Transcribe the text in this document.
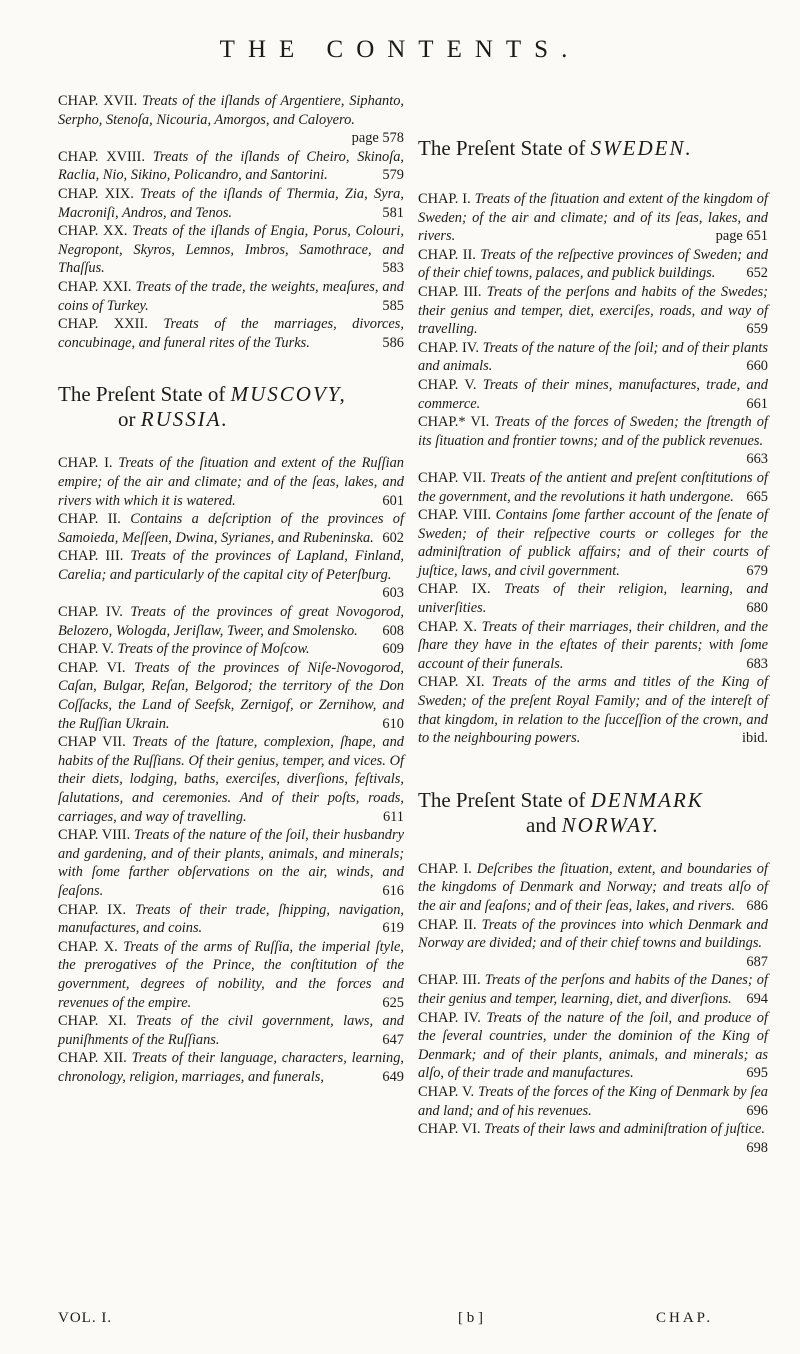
THE CONTENTS.

CHAP. XVII. Treats of the iſlands of Argentiere, Siphanto, Serpho, Stenoſa, Nicouria, Amorgos, and Caloyero.
page 578

CHAP. XVIII. Treats of the iſlands of Cheiro, Skinoſa, Raclia, Nio, Sikino, Policandro, and Santorini.	579

CHAP. XIX. Treats of the iſlands of Thermia, Zia, Syra, Macroniſi, Andros, and Tenos.	581

CHAP. XX. Treats of the iſlands of Engia, Porus, Colouri, Negropont, Skyros, Lemnos, Imbros, Samothrace, and Thaſſus.	583

CHAP. XXI. Treats of the trade, the weights, meaſures, and coins of Turkey.	585

CHAP. XXII. Treats of the marriages, divorces, concubinage, and funeral rites of the Turks.	586

The Preſent State of MUSCOVY,

or RUSSIA.

CHAP. I. Treats of the ſituation and extent of the Ruſſian empire; of the air and climate; and of the ſeas, lakes, and rivers with which it is watered.	601

CHAP. II. Contains a deſcription of the provinces of Samoieda, Meſſeen, Dwina, Syrianes, and Rubeninska. 602

CHAP. III. Treats of the provinces of Lapland, Finland, Carelia; and particularly of the capital city of Peterſburg.
603

CHAP. IV. Treats of the provinces of great Novogorod, Belozero, Wologda, Jeriſlaw, Tweer, and Smolensko. 608

CHAP. V. Treats of the province of Moſcow.	609

CHAP. VI. Treats of the provinces of Niſe-Novogorod, Caſan, Bulgar, Reſan, Belgorod; the territory of the Don Coſſacks, the Land of Seefsk, Zernigof, or Zernihow, and the Ruſſian Ukrain.	610

CHAP VII. Treats of the ſtature, complexion, ſhape, and habits of the Ruſſians. Of their genius, temper, and vices. Of their diets, lodging, baths, exerciſes, diverſions, feſtivals, ſalutations, and ceremonies. And of their poſts, roads, carriages, and way of travelling.	611

CHAP. VIII. Treats of the nature of the ſoil, their husbandry and gardening, and of their plants, animals, and minerals; with ſome farther obſervations on the air, winds, and ſeaſons.	616

CHAP. IX. Treats of their trade, ſhipping, navigation, manufactures, and coins.	619

CHAP. X. Treats of the arms of Ruſſia, the imperial ſtyle, the prerogatives of the Prince, the conſtitution of the government, degrees of nobility, and the forces and revenues of the empire.	625

CHAP. XI. Treats of the civil government, laws, and puniſhments of the Ruſſians.	647

CHAP. XII. Treats of their language, characters, learning, chronology, religion, marriages, and funerals,	649

The Preſent State of SWEDEN.

CHAP. I. Treats of the ſituation and extent of the kingdom of Sweden; of the air and climate; and of its ſeas, lakes, and rivers.	page 651

CHAP. II. Treats of the reſpective provinces of Sweden; and of their chief towns, palaces, and publick buildings. 652

CHAP. III. Treats of the perſons and habits of the Swedes; their genius and temper, diet, exerciſes, roads, and way of travelling.	659

CHAP. IV. Treats of the nature of the ſoil; and of their plants and animals.	660

CHAP. V. Treats of their mines, manufactures, trade, and commerce.	661

CHAP.* VI. Treats of the forces of Sweden; the ſtrength of its ſituation and frontier towns; and of the publick revenues.
663

CHAP. VII. Treats of the antient and preſent conſtitutions of the government, and the revolutions it hath undergone. 665

CHAP. VIII. Contains ſome farther account of the ſenate of Sweden; of their reſpective courts or colleges for the adminiſtration of publick affairs; and of their courts of juſtice, laws, and civil government.	679

CHAP. IX. Treats of their religion, learning, and univerſities.	680

CHAP. X. Treats of their marriages, their children, and the ſhare they have in the eſtates of their parents; with ſome account of their funerals.	683

CHAP. XI. Treats of the arms and titles of the King of Sweden; of the preſent Royal Family; and of the intereſt of that kingdom, in relation to the ſucceſſion of the crown, and to the neighbouring powers.	ibid.

The Preſent State of DENMARK

and NORWAY.

CHAP. I. Deſcribes the ſituation, extent, and boundaries of the kingdoms of Denmark and Norway; and treats alſo of the air and ſeaſons; and of their ſeas, lakes, and rivers. 686

CHAP. II. Treats of the provinces into which Denmark and Norway are divided; and of their chief towns and buildings.
687

CHAP. III. Treats of the perſons and habits of the Danes; of their genius and temper, learning, diet, and diverſions. 694

CHAP. IV. Treats of the nature of the ſoil, and produce of the ſeveral countries, under the dominion of the King of Denmark; and of their plants, animals, and minerals; as alſo, of their trade and manufactures.	695

CHAP. V. Treats of the forces of the King of Denmark by ſea and land; and of his revenues.	696

CHAP. VI. Treats of their laws and adminiſtration of juſtice.
698

VOL. I.	[ b ]	CHAP.
